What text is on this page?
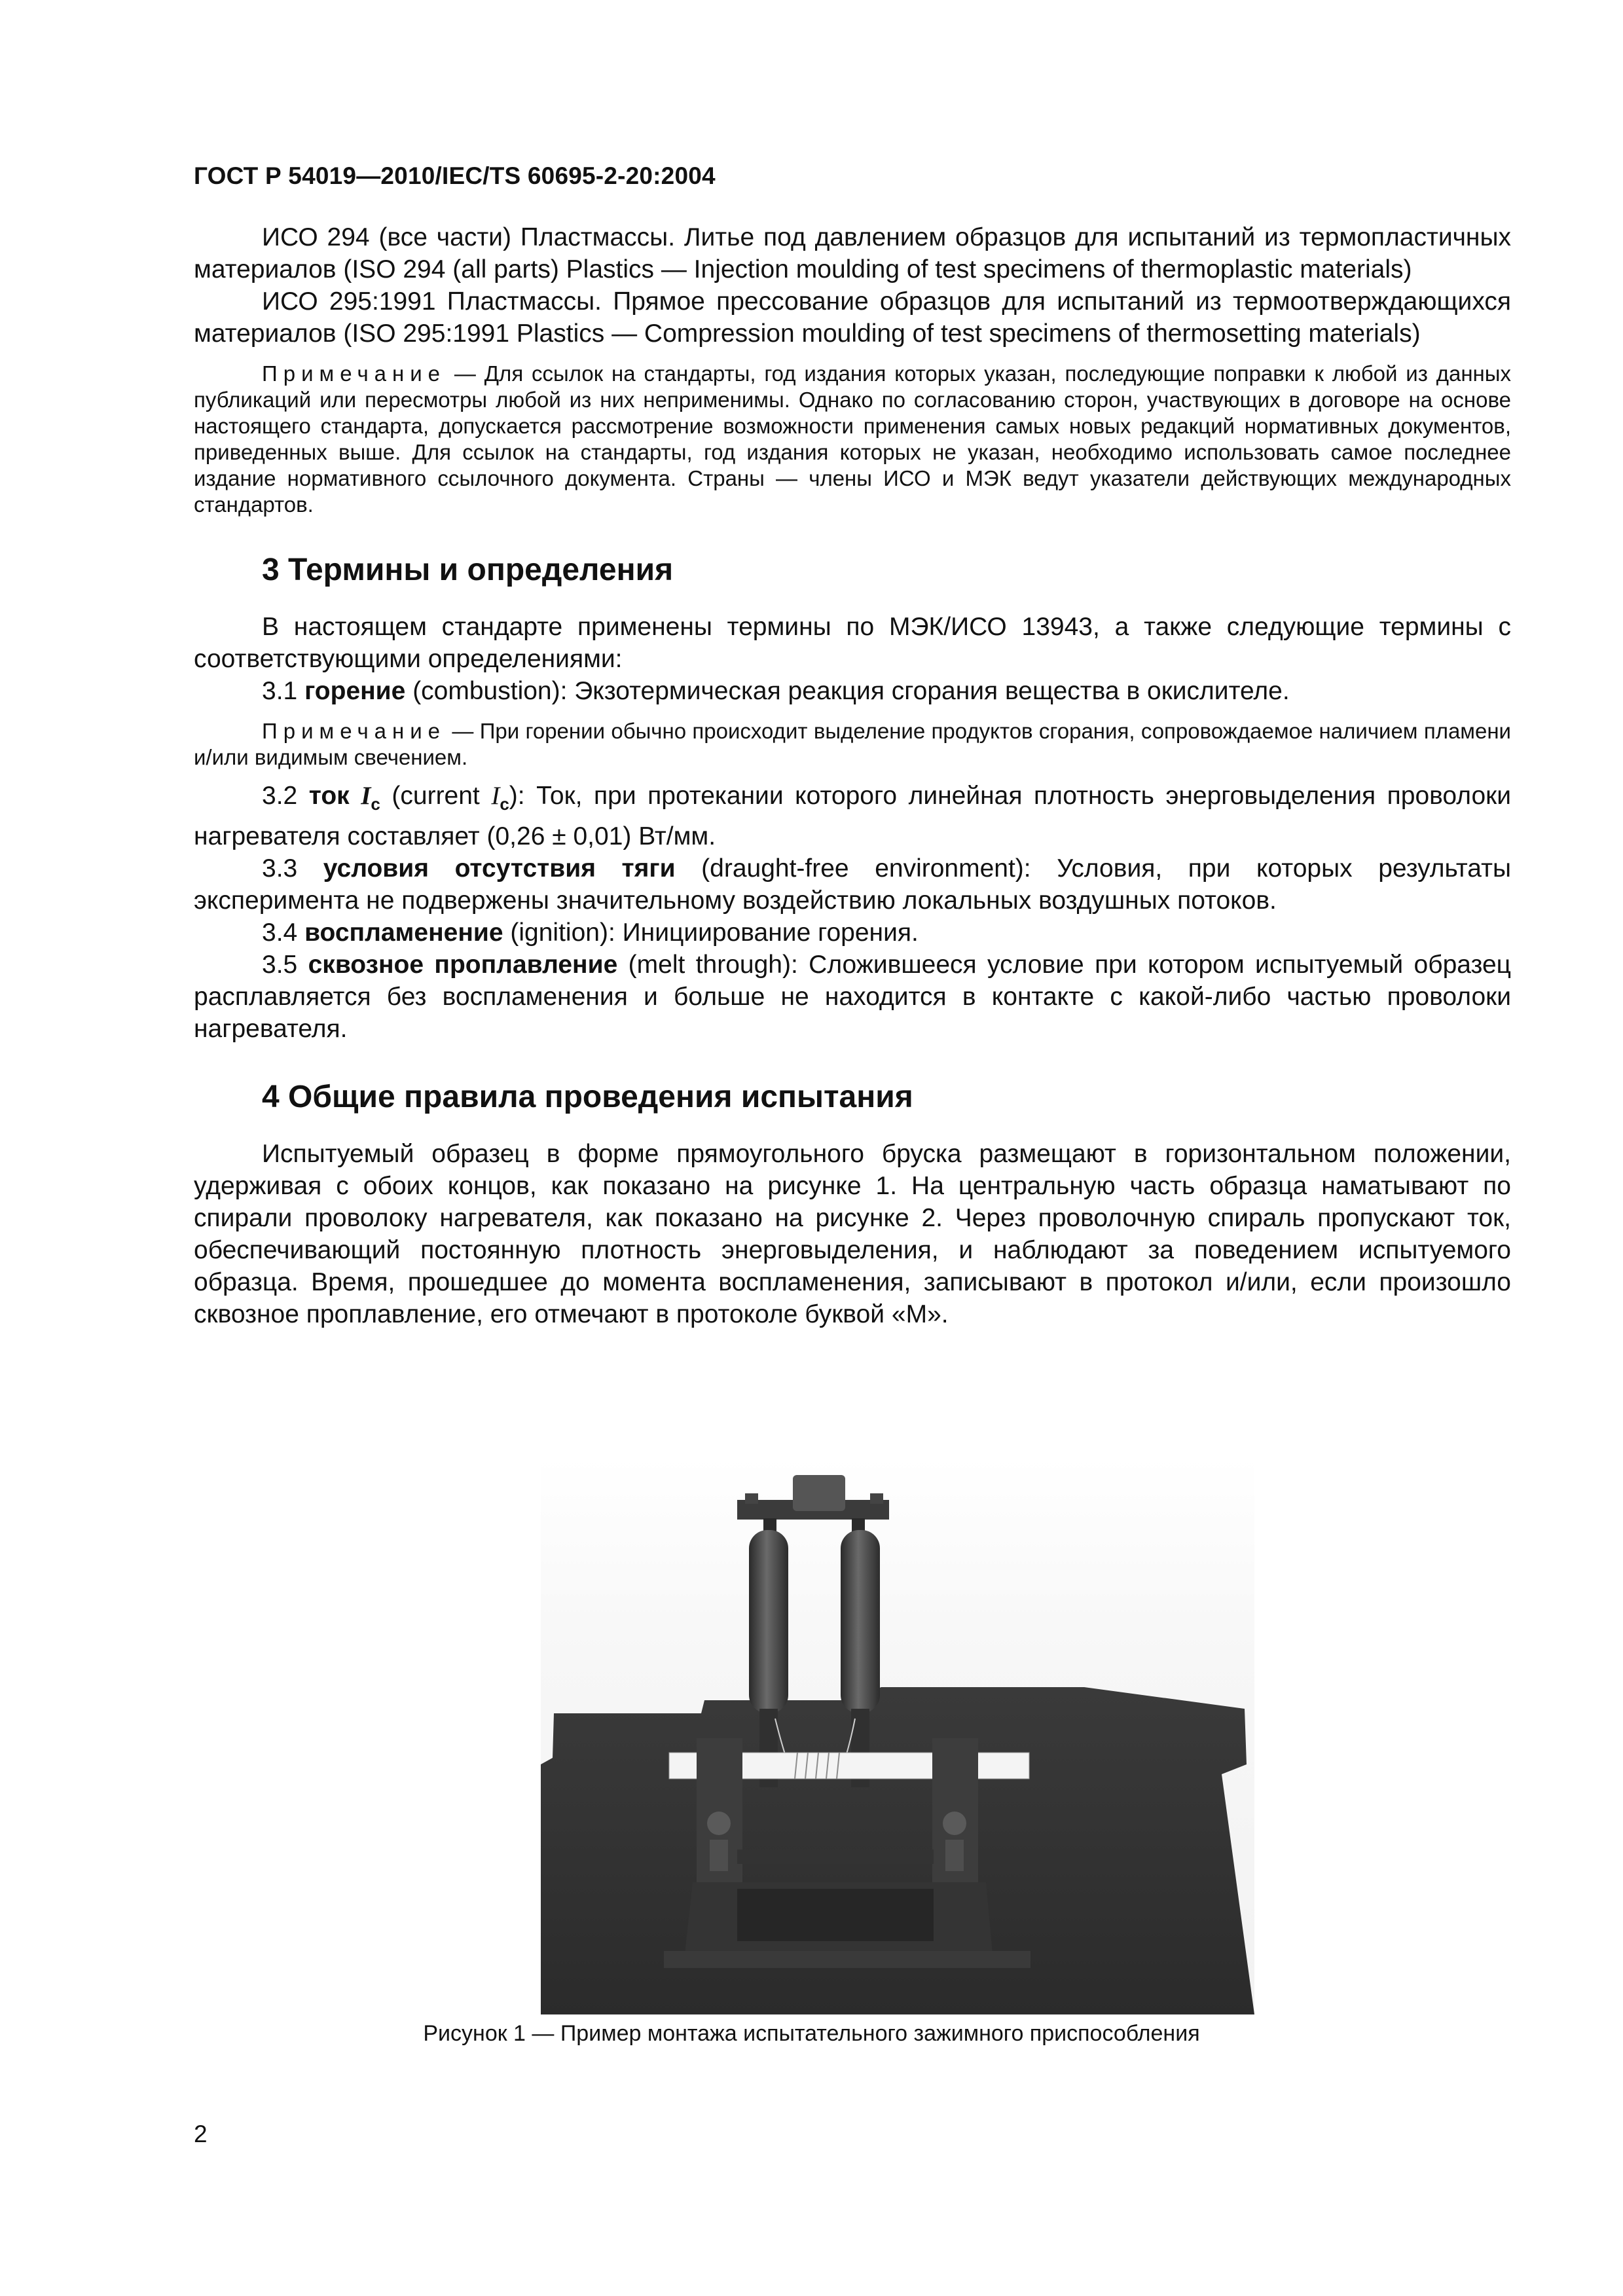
ГОСТ Р 54019—2010/IEC/TS 60695-2-20:2004

ИСО 294 (все части) Пластмассы. Литье под давлением образцов для испытаний из термопластичных материалов (ISO 294 (all parts) Plastics — Injection moulding of test specimens of thermoplastic materials)

ИСО 295:1991 Пластмассы. Прямое прессование образцов для испытаний из термоотверждающихся материалов (ISO 295:1991 Plastics — Compression moulding of test specimens of thermosetting materials)

Примечание — Для ссылок на стандарты, год издания которых указан, последующие поправки к любой из данных публикаций или пересмотры любой из них неприменимы. Однако по согласованию сторон, участвующих в договоре на основе настоящего стандарта, допускается рассмотрение возможности применения самых новых редакций нормативных документов, приведенных выше. Для ссылок на стандарты, год издания которых не указан, необходимо использовать самое последнее издание нормативного ссылочного документа. Страны — члены ИСО и МЭК ведут указатели действующих международных стандартов.

3 Термины и определения

В настоящем стандарте применены термины по МЭК/ИСО 13943, а также следующие термины с соответствующими определениями:

3.1 горение (combustion): Экзотермическая реакция сгорания вещества в окислителе.

Примечание — При горении обычно происходит выделение продуктов сгорания, сопровождаемое наличием пламени и/или видимым свечением.

3.2 ток $I_c$ (current $I_c$): Ток, при протекании которого линейная плотность энерговыделения проволоки нагревателя составляет (0,26 ± 0,01) Вт/мм.

3.3 условия отсутствия тяги (draught-free environment): Условия, при которых результаты эксперимента не подвержены значительному воздействию локальных воздушных потоков.

3.4 воспламенение (ignition): Инициирование горения.

3.5 сквозное проплавление (melt through): Сложившееся условие при котором испытуемый образец расплавляется без воспламенения и больше не находится в контакте с какой-либо частью проволоки нагревателя.

4 Общие правила проведения испытания

Испытуемый образец в форме прямоугольного бруска размещают в горизонтальном положении, удерживая с обоих концов, как показано на рисунке 1. На центральную часть образца наматывают по спирали проволоку нагревателя, как показано на рисунке 2. Через проволочную спираль пропускают ток, обеспечивающий постоянную плотность энерговыделения, и наблюдают за поведением испытуемого образца. Время, прошедшее до момента воспламенения, записывают в протокол и/или, если произошло сквозное проплавление, его отмечают в протоколе буквой «М».

Рисунок 1 — Пример монтажа испытательного зажимного приспособления
2
